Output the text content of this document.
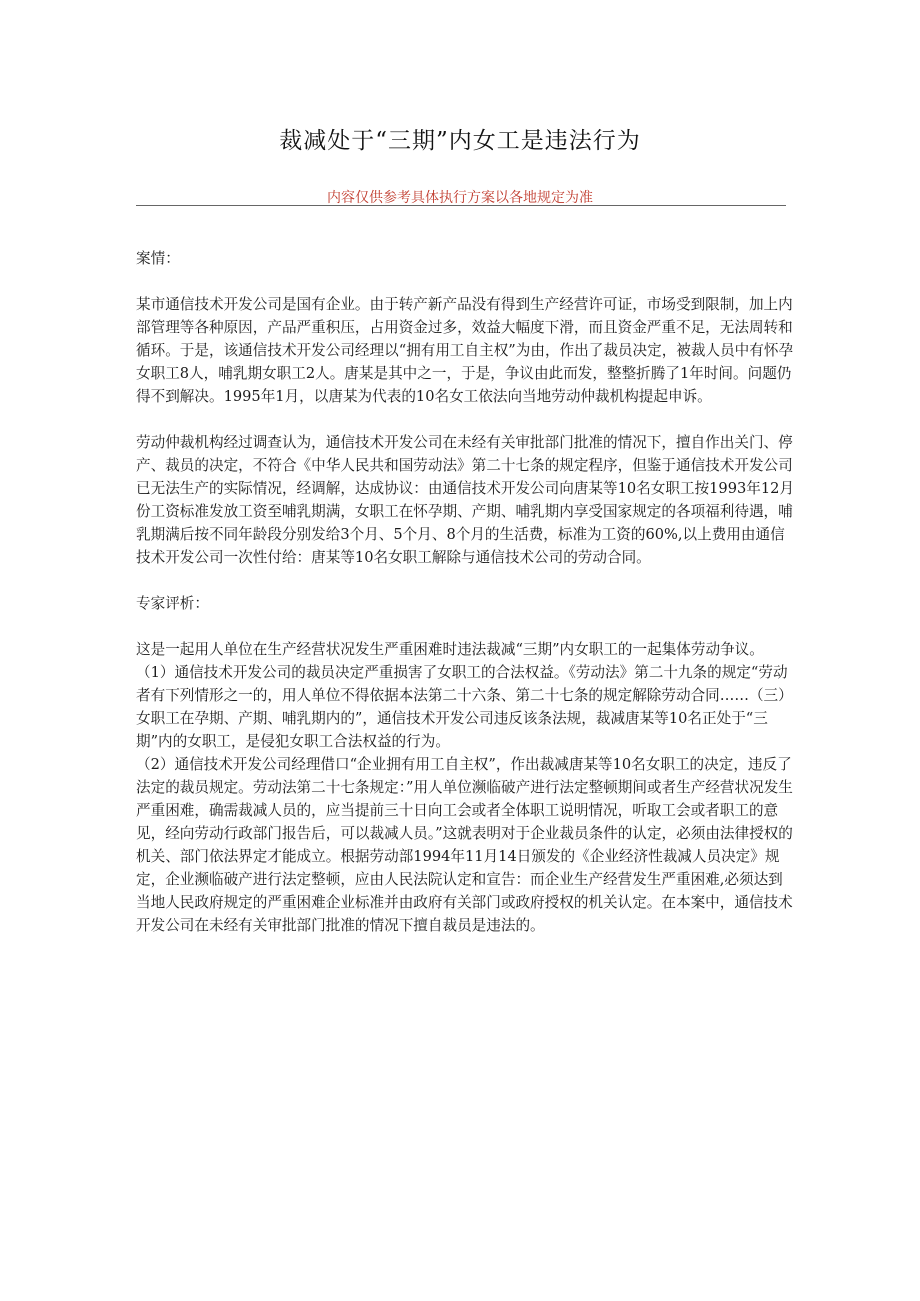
裁减处于“三期”内女工是违法行为
内容仅供参考具体执行方案以各地规定为准

案情：

某市通信技术开发公司是国有企业。由于转产新产品没有得到生产经营许可证，市场受到限制，加上内部管理等各种原因，产品严重积压，占用资金过多，效益大幅度下滑，而且资金严重不足，无法周转和循环。于是，该通信技术开发公司经理以“拥有用工自主权”为由，作出了裁员决定，被裁人员中有怀孕女职工8人，哺乳期女职工2人。唐某是其中之一，于是，争议由此而发，整整折腾了1年时间。问题仍得不到解决。1995年1月，以唐某为代表的10名女工依法向当地劳动仲裁机构提起申诉。

劳动仲裁机构经过调查认为，通信技术开发公司在未经有关审批部门批准的情况下，擅自作出关门、停产、裁员的决定，不符合《中华人民共和国劳动法》第二十七条的规定程序，但鉴于通信技术开发公司已无法生产的实际情况，经调解，达成协议：由通信技术开发公司向唐某等10名女职工按1993年12月份工资标准发放工资至哺乳期满，女职工在怀孕期、产期、哺乳期内享受国家规定的各项福利待遇，哺乳期满后按不同年龄段分别发给3个月、5个月、8个月的生活费，标准为工资的60%,以上费用由通信技术开发公司一次性付给：唐某等10名女职工解除与通信技术公司的劳动合同。

专家评析：

这是一起用人单位在生产经营状况发生严重困难时违法裁减“三期”内女职工的一起集体劳动争议。

（1）通信技术开发公司的裁员决定严重损害了女职工的合法权益。《劳动法》第二十九条的规定“劳动者有下列情形之一的，用人单位不得依据本法第二十六条、第二十七条的规定解除劳动合同……（三）女职工在孕期、产期、哺乳期内的”，通信技术开发公司违反该条法规，裁减唐某等10名正处于“三期”内的女职工，是侵犯女职工合法权益的行为。

（2）通信技术开发公司经理借口“企业拥有用工自主权”，作出裁减唐某等10名女职工的决定，违反了法定的裁员规定。劳动法第二十七条规定：”用人单位濒临破产进行法定整顿期间或者生产经营状况发生严重困难，确需裁减人员的，应当提前三十日向工会或者全体职工说明情况，听取工会或者职工的意见，经向劳动行政部门报告后，可以裁减人员。”这就表明对于企业裁员条件的认定，必须由法律授权的机关、部门依法界定才能成立。根据劳动部1994年11月14日颁发的《企业经济性裁减人员决定》规定，企业濒临破产进行法定整顿，应由人民法院认定和宣告：而企业生产经营发生严重困难,必须达到当地人民政府规定的严重困难企业标准并由政府有关部门或政府授权的机关认定。在本案中，通信技术开发公司在未经有关审批部门批准的情况下擅自裁员是违法的。
